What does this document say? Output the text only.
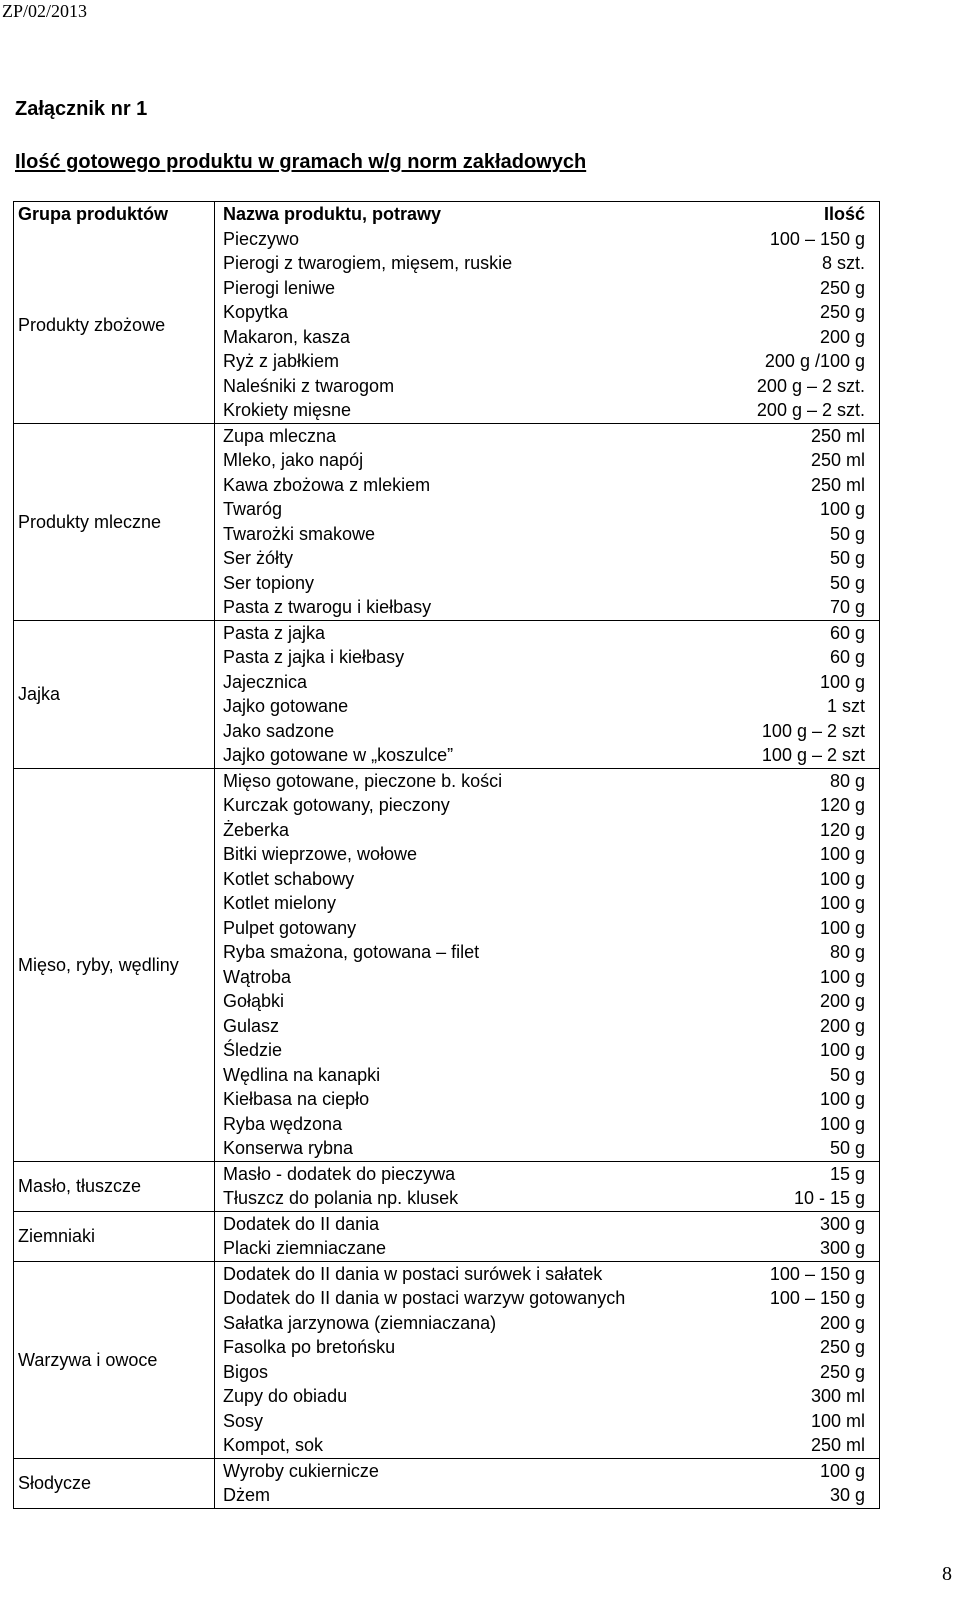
ZP/02/2013
Załącznik nr 1
Ilość gotowego produktu w gramach w/g norm zakładowych
Grupa produktów	Nazwa produktu, potrawy	Ilość
Produkty zbożowe	Pieczywo	100 – 150 g
	Pierogi z twarogiem, mięsem, ruskie	8 szt.
	Pierogi leniwe	250 g
	Kopytka	250 g
	Makaron, kasza	200 g
	Ryż z jabłkiem	200 g /100 g
	Naleśniki z twarogom	200 g – 2 szt.
	Krokiety mięsne	200 g – 2 szt.
Produkty mleczne	Zupa mleczna	250 ml
	Mleko, jako napój	250 ml
	Kawa zbożowa z mlekiem	250 ml
	Twaróg	100 g
	Twarożki smakowe	50 g
	Ser żółty	50 g
	Ser topiony	50 g
	Pasta z twarogu i kiełbasy	70 g
Jajka	Pasta z jajka	60 g
	Pasta z jajka i kiełbasy	60 g
	Jajecznica	100 g
	Jajko gotowane	1 szt
	Jako sadzone	100 g – 2 szt
	Jajko gotowane w „koszulce”	100 g – 2 szt
Mięso, ryby, wędliny	Mięso gotowane, pieczone b. kości	80 g
	Kurczak gotowany, pieczony	120 g
	Żeberka	120 g
	Bitki wieprzowe, wołowe	100 g
	Kotlet schabowy	100 g
	Kotlet mielony	100 g
	Pulpet gotowany	100 g
	Ryba smażona, gotowana – filet	80 g
	Wątroba	100 g
	Gołąbki	200 g
	Gulasz	200 g
	Śledzie	100 g
	Wędlina na kanapki	50 g
	Kiełbasa na ciepło	100 g
	Ryba wędzona	100 g
	Konserwa rybna	50 g
Masło, tłuszcze	Masło - dodatek do pieczywa	15 g
	Tłuszcz do polania np. klusek	10 - 15 g
Ziemniaki	Dodatek do II dania	300 g
	Placki ziemniaczane	300 g
Warzywa i owoce	Dodatek do II dania w postaci surówek i sałatek	100 – 150 g
	Dodatek do II dania w postaci warzyw gotowanych	100 – 150 g
	Sałatka jarzynowa (ziemniaczana)	200 g
	Fasolka po bretońsku	250 g
	Bigos	250 g
	Zupy do obiadu	300 ml
	Sosy	100 ml
	Kompot, sok	250 ml
Słodycze	Wyroby cukiernicze	100 g
	Dżem	30 g
8
